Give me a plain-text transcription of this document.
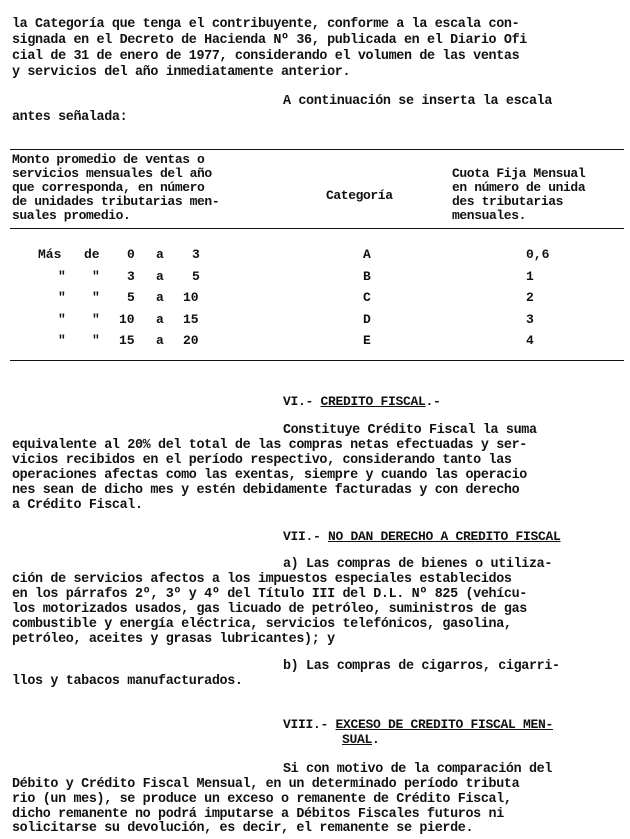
la Categoría que tenga el contribuyente, conforme a la escala con-
signada en el Decreto de Hacienda Nº 36, publicada en el Diario Ofi
cial de 31 de enero de 1977, considerando el volumen de las ventas
y servicios del año inmediatamente anterior.
A continuación se inserta la escala
antes señalada:
Monto promedio de ventas o
servicios mensuales del año
que corresponda, en número
de unidades tributarias men-
suales promedio.
Categoría
Cuota Fija Mensual
en número de unida
des tributarias
mensuales.
Más de 0 a 3	A	0,6
" " 3 a 5	B	1
" " 5 a 10	C	2
" " 10 a 15	D	3
" " 15 a 20	E	4
VI.- CREDITO FISCAL.-
Constituye Crédito Fiscal la suma
equivalente al 20% del total de las compras netas efectuadas y ser-
vicios recibidos en el período respectivo, considerando tanto las
operaciones afectas como las exentas, siempre y cuando las operacio
nes sean de dicho mes y estén debidamente facturadas y con derecho
a Crédito Fiscal.
VII.- NO DAN DERECHO A CREDITO FISCAL
a) Las compras de bienes o utiliza-
ción de servicios afectos a los impuestos especiales establecidos
en los párrafos 2º, 3º y 4º del Título III del D.L. Nº 825 (vehícu-
los motorizados usados, gas licuado de petróleo, suministros de gas
combustible y energía eléctrica, servicios telefónicos, gasolina,
petróleo, aceites y grasas lubricantes); y
b) Las compras de cigarros, cigarri-
llos y tabacos manufacturados.
VIII.- EXCESO DE CREDITO FISCAL MEN-
SUAL.
Si con motivo de la comparación del
Débito y Crédito Fiscal Mensual, en un determinado período tributa
rio (un mes), se produce un exceso o remanente de Crédito Fiscal,
dicho remanente no podrá imputarse a Débitos Fiscales futuros ni
solicitarse su devolución, es decir, el remanente se pierde.
